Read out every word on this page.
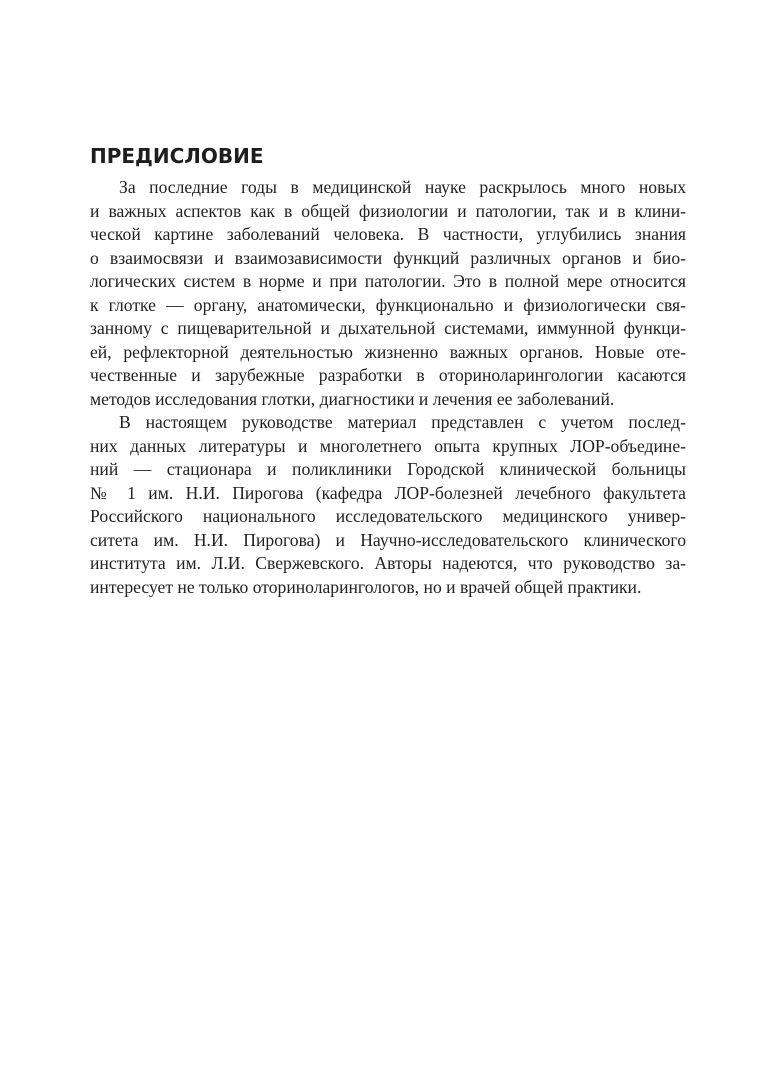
ПРЕДИСЛОВИЕ
За последние годы в медицинской науке раскрылось много новых
и важных аспектов как в общей физиологии и патологии, так и в клини-
ческой картине заболеваний человека. В частности, углубились знания
о взаимосвязи и взаимозависимости функций различных органов и био-
логических систем в норме и при патологии. Это в полной мере относится
к глотке — органу, анатомически, функционально и физиологически свя-
занному с пищеварительной и дыхательной системами, иммунной функци-
ей, рефлекторной деятельностью жизненно важных органов. Новые оте-
чественные и зарубежные разработки в оториноларингологии касаются
методов исследования глотки, диагностики и лечения ее заболеваний.
В настоящем руководстве материал представлен с учетом послед-
них данных литературы и многолетнего опыта крупных ЛОР-объедине-
ний — стационара и поликлиники Городской клинической больницы
№ 1 им. Н.И. Пирогова (кафедра ЛОР-болезней лечебного факультета
Российского национального исследовательского медицинского универ-
ситета им. Н.И. Пирогова) и Научно-исследовательского клинического
института им. Л.И. Свержевского. Авторы надеются, что руководство за-
интересует не только оториноларингологов, но и врачей общей практики.
